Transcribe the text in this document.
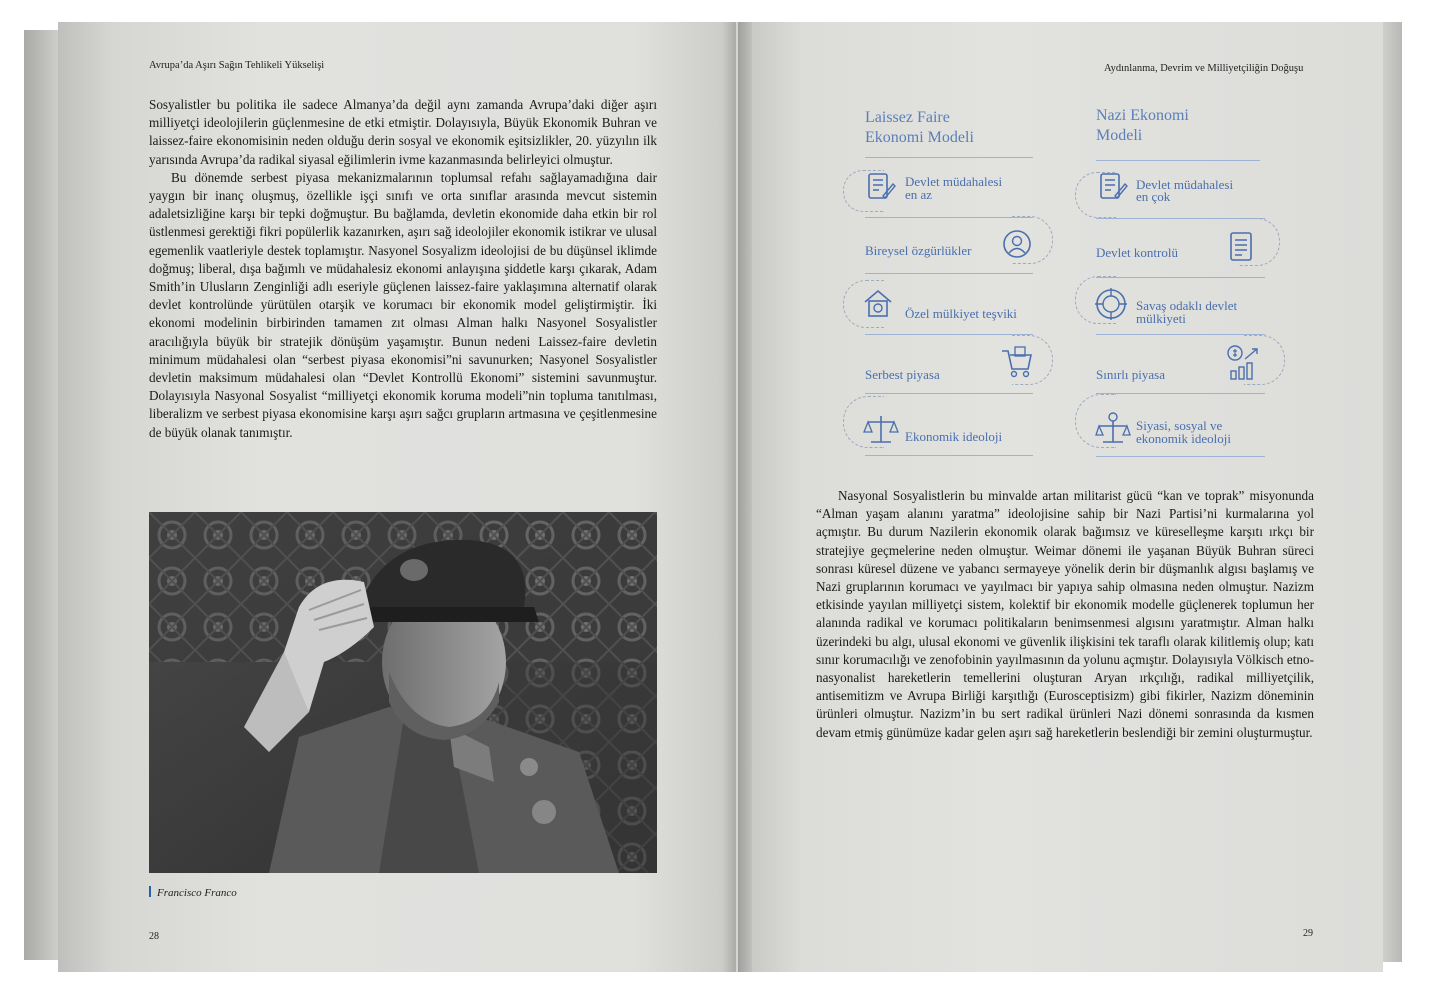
Avrupa’da Aşırı Sağın Tehlikeli Yükselişi

Sosyalistler bu politika ile sadece Almanya’da değil aynı zamanda Avrupa’daki diğer aşırı milliyetçi ideolojilerin güçlenmesine de etki etmiştir. Dolayısıyla, Büyük Ekonomik Buhran ve laissez-faire ekonomisinin neden olduğu derin sosyal ve ekonomik eşitsizlikler, 20. yüzyılın ilk yarısında Avrupa’da radikal siyasal eğilimlerin ivme kazanmasında belirleyici olmuştur.

Bu dönemde serbest piyasa mekanizmalarının toplumsal refahı sağlayamadığına dair yaygın bir inanç oluşmuş, özellikle işçi sınıfı ve orta sınıflar arasında mevcut sistemin adaletsizliğine karşı bir tepki doğmuştur. Bu bağlamda, devletin ekonomide daha etkin bir rol üstlenmesi gerektiği fikri popülerlik kazanırken, aşırı sağ ideolojiler ekonomik istikrar ve ulusal egemenlik vaatleriyle destek toplamıştır. Nasyonel Sosyalizm ideolojisi de bu düşünsel iklimde doğmuş; liberal, dışa bağımlı ve müdahalesiz ekonomi anlayışına şiddetle karşı çıkarak, Adam Smith’in Ulusların Zenginliği adlı eseriyle güçlenen laissez-faire yaklaşımına alternatif olarak devlet kontrolünde yürütülen otarşik ve korumacı bir ekonomik model geliştirmiştir. İki ekonomi modelinin birbirinden tamamen zıt olması Alman halkı Nasyonel Sosyalistler aracılığıyla büyük bir stratejik dönüşüm yaşamıştır. Bunun nedeni Laissez-faire devletin minimum müdahalesi olan “serbest piyasa ekonomisi”ni savunurken; Nasyonel Sosyalistler devletin maksimum müdahalesi olan “Devlet Kontrollü Ekonomi” sistemini savunmuştur. Dolayısıyla Nasyonal Sosyalist “milliyetçi ekonomik koruma modeli”nin topluma tanıtılması, liberalizm ve serbest piyasa ekonomisine karşı aşırı sağcı grupların artmasına ve çeşitlenmesine de büyük olanak tanımıştır.

Francisco Franco
28
Aydınlanma, Devrim ve Milliyetçiliğin Doğuşu
Laissez Faire
Ekonomi Modeli
Nazi Ekonomi
Modeli
Devlet müdahalesi
en az
Bireysel özgürlükler
Özel mülkiyet teşviki
Serbest piyasa
Ekonomik ideoloji
Devlet müdahalesi
en çok
Devlet kontrolü
Savaş odaklı devlet
mülkiyeti
Sınırlı piyasa
Siyasi, sosyal ve
ekonomik ideoloji

Nasyonal Sosyalistlerin bu minvalde artan militarist gücü “kan ve toprak” misyonunda “Alman yaşam alanını yaratma” ideolojisine sahip bir Nazi Partisi’ni kurmalarına yol açmıştır. Bu durum Nazilerin ekonomik olarak bağımsız ve küreselleşme karşıtı ırkçı bir stratejiye geçmelerine neden olmuştur. Weimar dönemi ile yaşanan Büyük Buhran süreci sonrası küresel düzene ve yabancı sermayeye yönelik derin bir düşmanlık algısı başlamış ve Nazi gruplarının korumacı ve yayılmacı bir yapıya sahip olmasına neden olmuştur. Nazizm etkisinde yayılan milliyetçi sistem, kolektif bir ekonomik modelle güçlenerek toplumun her alanında radikal ve korumacı politikaların benimsenmesi algısını yaratmıştır. Alman halkı üzerindeki bu algı, ulusal ekonomi ve güvenlik ilişkisini tek taraflı olarak kilitlemiş olup; katı sınır korumacılığı ve zenofobinin yayılmasının da yolunu açmıştır. Dolayısıyla Völkisch etno-nasyonalist hareketlerin temellerini oluşturan Aryan ırkçılığı, radikal milliyetçilik, antisemitizm ve Avrupa Birliği karşıtlığı (Eurosceptisizm) gibi fikirler, Nazizm döneminin ürünleri olmuştur. Nazizm’in bu sert radikal ürünleri Nazi dönemi sonrasında da kısmen devam etmiş günümüze kadar gelen aşırı sağ hareketlerin beslendiği bir zemini oluşturmuştur.

29
